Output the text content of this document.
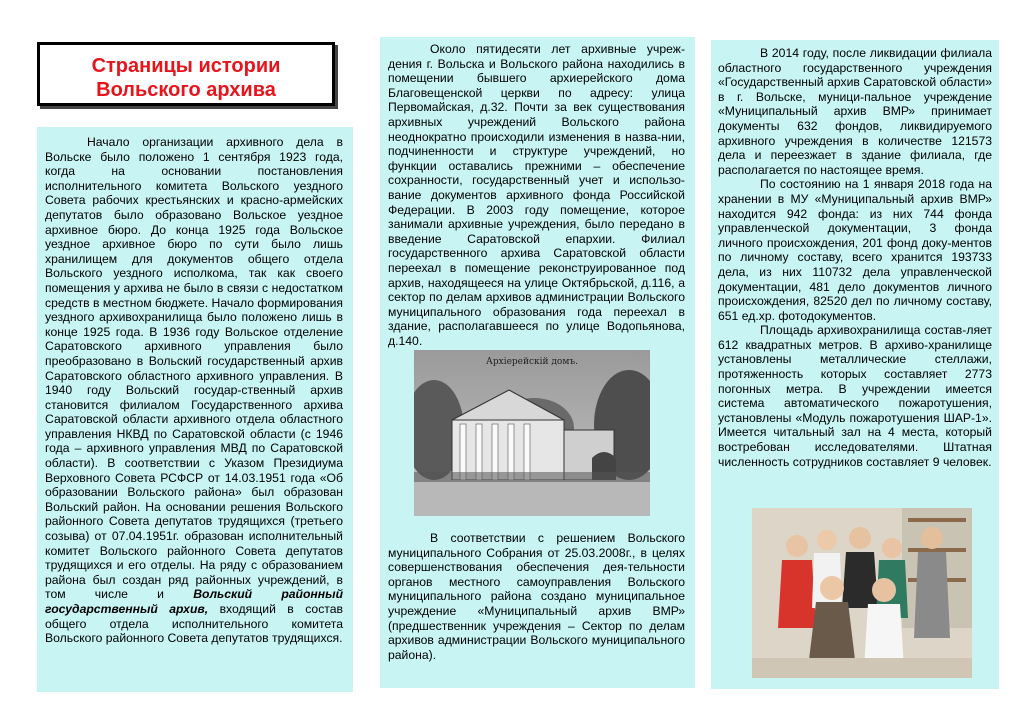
Страницы истории
Вольского архива

Начало организации архивного дела в Вольске было положено 1 сентября 1923 года, когда на основании постановления исполнительного комитета Вольского уездного Совета рабочих крестьянских и красно-армейских депутатов было образовано Вольское уездное архивное бюро. До конца 1925 года Вольское уездное архивное бюро по сути было лишь хранилищем для документов общего отдела Вольского уездного исполкома, так как своего помещения у архива не было в связи с недостатком средств в местном бюджете. Начало формирования уездного архивохранилища было положено лишь в конце 1925 года. В 1936 году Вольское отделение Саратовского архивного управления было преобразовано в Вольский государственный архив Саратовского областного архивного управления. В 1940 году Вольский государ-ственный архив становится филиалом Государственного архива Саратовской области архивного отдела областного управления НКВД по Саратовской области (с 1946 года – архивного управления МВД по Саратовской области). В соответствии с Указом Президиума Верховного Совета РСФСР от 14.03.1951 года «Об образовании Вольского района» был образован Вольский район. На основании решения Вольского районного Совета депутатов трудящихся (третьего созыва) от 07.04.1951г. образован исполнительный комитет Вольского районного Совета депутатов трудящихся и его отделы. На ряду с образованием района был создан ряд районных учреждений, в том числе и Вольский районный государственный архив, входящий в состав общего отдела исполнительного комитета Вольского районного Совета депутатов трудящихся.

Около пятидесяти лет архивные учреж-дения г. Вольска и Вольского района находились в помещении бывшего архиерейского дома Благовещенской церкви по адресу: улица Первомайская, д.32. Почти за век существования архивных учреждений Вольского района неоднократно происходили изменения в назва-нии, подчиненности и структуре учреждений, но функции оставались прежними – обеспечение сохранности, государственный учет и использо-вание документов архивного фонда Российской Федерации. В 2003 году помещение, которое занимали архивные учреждения, было передано в введение Саратовской епархии. Филиал государственного архива Саратовской области переехал в помещение реконструированное под архив, находящееся на улице Октябрьской, д.116, а сектор по делам архивов администрации Вольского муниципального образования года переехал в здание, располагавшееся по улице Водопьянова, д.140.

В соответствии с решением Вольского муниципального Собрания от 25.03.2008г., в целях совершенствования обеспечения дея-тельности органов местного самоуправления Вольского муниципального района создано муниципальное учреждение «Муниципальный архив ВМР» (предшественник учреждения – Сектор по делам архивов администрации Вольского муниципального района).

Архiерейскiй домъ.

В 2014 году, после ликвидации филиала областного государственного учреждения «Государственный архив Саратовской области» в г. Вольске, муници-пальное учреждение «Муниципальный архив ВМР» принимает документы 632 фондов, ликвидируемого архивного учреждения в количестве 121573 дела и переезжает в здание филиала, где располагается по настоящее время.

По состоянию на 1 января 2018 года на хранении в МУ «Муниципальный архив ВМР» находится 942 фонда: из них 744 фонда управленческой документации, 3 фонда личного происхождения, 201 фонд доку-ментов по личному составу, всего хранится 193733 дела, из них 110732 дела управленческой документации, 481 дело документов личного происхождения, 82520 дел по личному составу, 651 ед.хр. фотодокументов.

Площадь архивохранилища состав-ляет 612 квадратных метров. В архиво-хранилище установлены металлические стеллажи, протяженность которых составляет 2773 погонных метра. В учреждении имеется система автоматического пожаротушения, установлены «Модуль пожаротушения ШАР-1». Имеется читальный зал на 4 места, который востребован исследователями. Штатная численность сотрудников составляет 9 человек.
